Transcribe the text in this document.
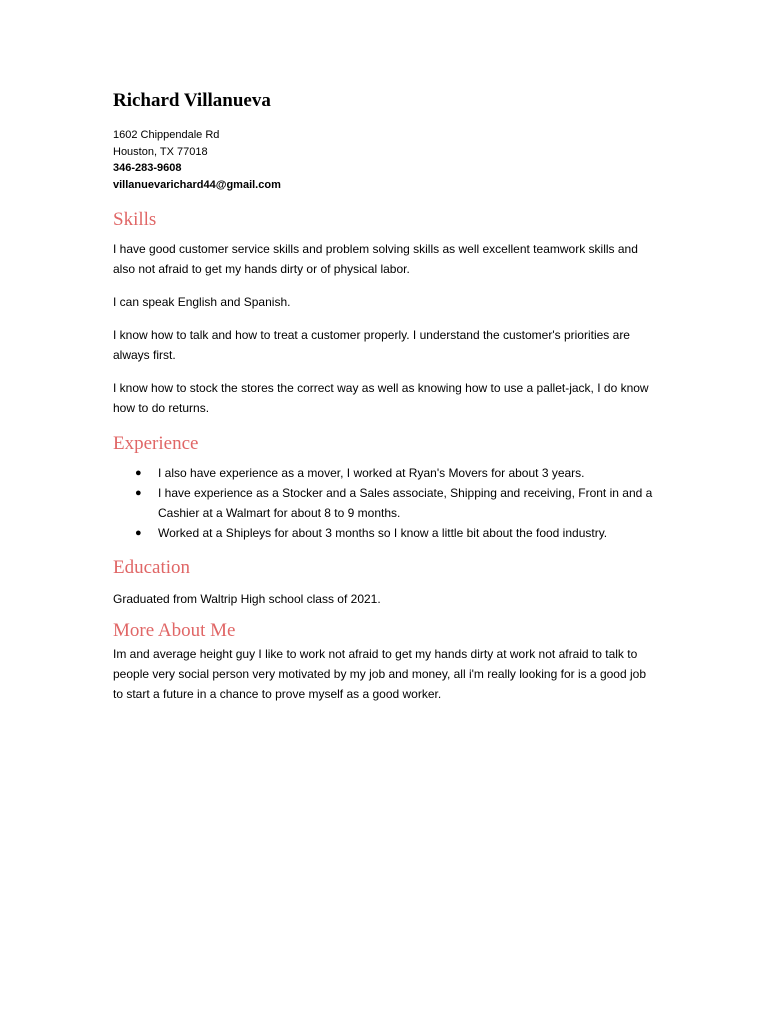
Richard Villanueva

1602 Chippendale Rd

Houston, TX 77018

346-283-9608

villanuevarichard44@gmail.com

Skills

I have good customer service skills and problem solving skills as well excellent teamwork skills and also not afraid to get my hands dirty or of physical labor.

I can speak English and Spanish.

I know how to talk and how to treat a customer properly. I understand the customer's priorities are always first.

I know how to stock the stores the correct way as well as knowing how to use a pallet-jack, I do know how to do returns.

Experience
● I also have experience as a mover, I worked at Ryan's Movers for about 3 years.
● I have experience as a Stocker and a Sales associate, Shipping and receiving, Front in and a Cashier at a Walmart for about 8 to 9 months.
● Worked at a Shipleys for about 3 months so I know a little bit about the food industry.
Education

Graduated from Waltrip High school class of 2021.

More About Me

Im and average height guy I like to work not afraid to get my hands dirty at work not afraid to talk to people very social person very motivated by my job and money, all i'm really looking for is a good job to start a future in a chance to prove myself as a good worker.
